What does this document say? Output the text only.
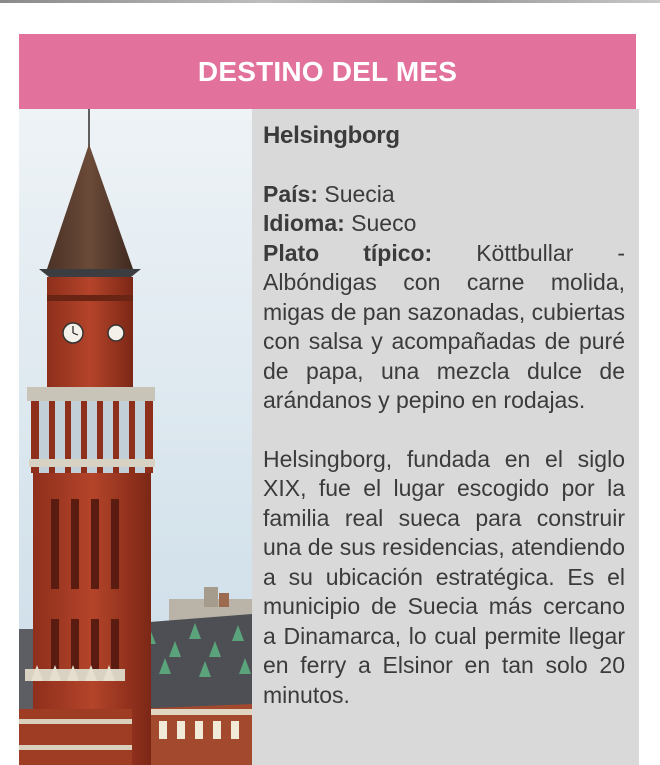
DESTINO DEL MES
Helsingborg
País: Suecia
Idioma: Sueco
Plato típico: Köttbullar - Albóndigas con carne molida, migas de pan sazonadas, cubiertas con salsa y acompañadas de puré de papa, una mezcla dulce de arándanos y pepino en rodajas.
Helsingborg, fundada en el siglo XIX, fue el lugar escogido por la familia real sueca para construir una de sus residencias, atendiendo a su ubicación estratégica. Es el municipio de Suecia más cercano a Dinamarca, lo cual permite llegar en ferry a Elsinor en tan solo 20 minutos.
